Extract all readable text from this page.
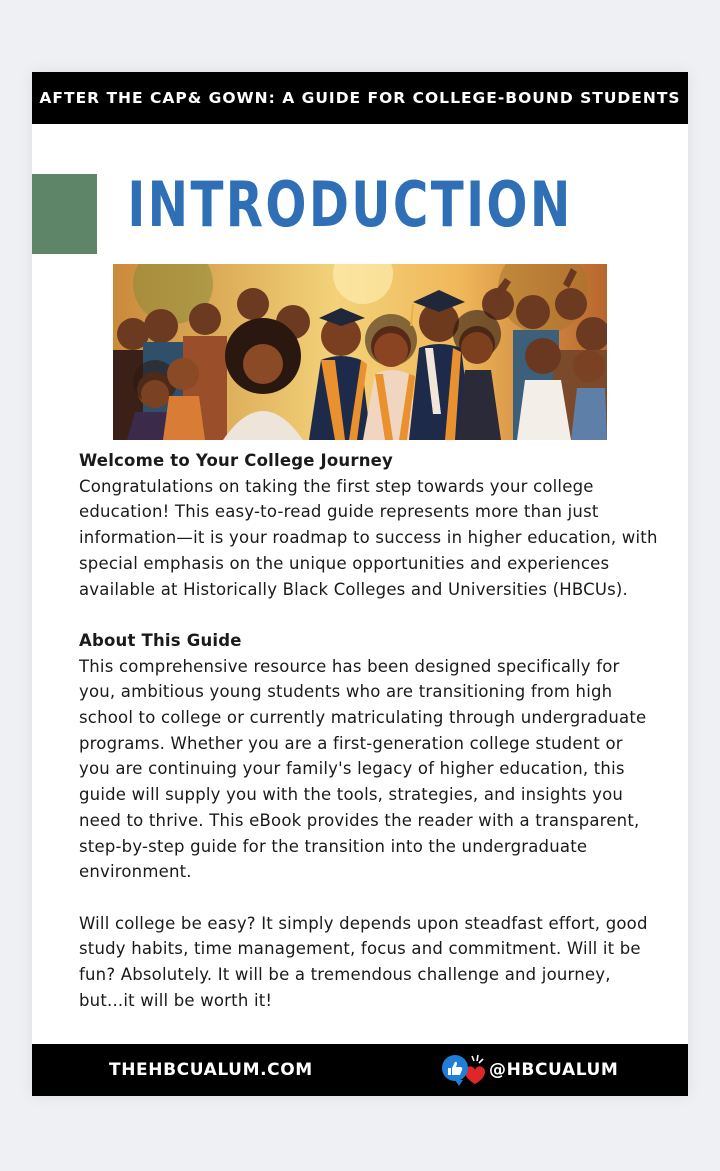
AFTER THE CAP& GOWN: A GUIDE FOR COLLEGE-BOUND STUDENTS
INTRODUCTION
Welcome to Your College Journey

Congratulations on taking the first step towards your college education! This easy-to-read guide represents more than just information—it is your roadmap to success in higher education, with special emphasis on the unique opportunities and experiences available at Historically Black Colleges and Universities (HBCUs).

About This Guide

This comprehensive resource has been designed specifically for you, ambitious young students who are transitioning from high school to college or currently matriculating through undergraduate programs. Whether you are a first-generation college student or you are continuing your family's legacy of higher education, this guide will supply you with the tools, strategies, and insights you need to thrive. This eBook provides the reader with a transparent, step-by-step guide for the transition into the undergraduate environment.

Will college be easy? It simply depends upon steadfast effort, good study habits, time management, focus and commitment. Will it be fun? Absolutely. It will be a tremendous challenge and journey, but...it will be worth it!

THEHBCUALUM.COM	@HBCUALUM
